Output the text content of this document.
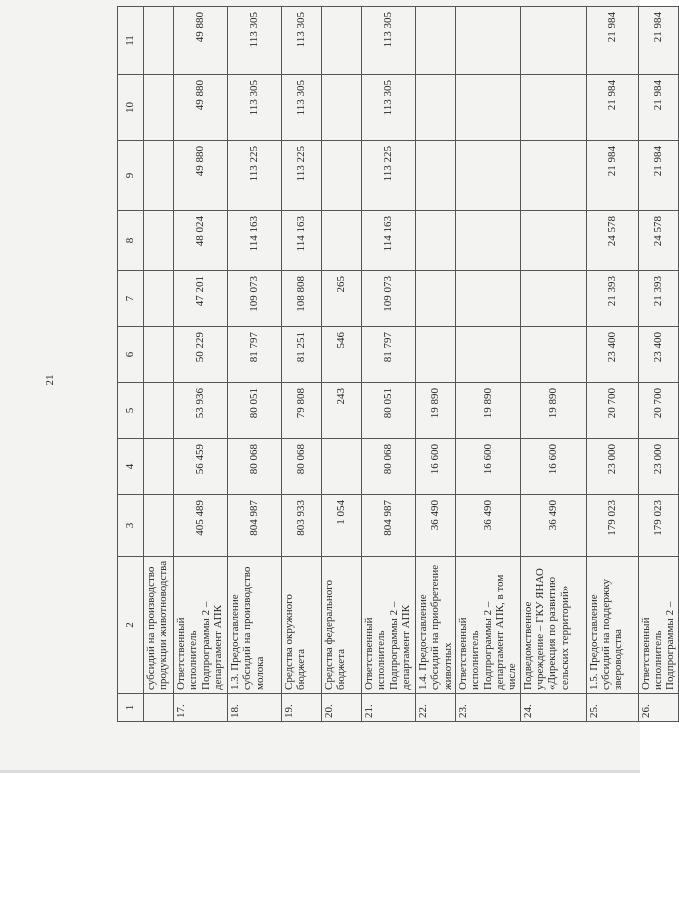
21
1	2	3	4	5	6	7	8	9	10	11
	субсидий на производство продукции животноводства									
17.	Ответственный исполнитель Подпрограммы 2 – департамент АПК	405 489	56 459	53 936	50 229	47 201	48 024	49 880	49 880	49 880
18.	1.3. Предоставление субсидий на производство молока	804 987	80 068	80 051	81 797	109 073	114 163	113 225	113 305	113 305
19.	Средства окружного бюджета	803 933	80 068	79 808	81 251	108 808	114 163	113 225	113 305	113 305
20.	Средства федерального бюджета	1 054		243	546	265				
21.	Ответственный исполнитель Подпрограммы 2 – департамент АПК	804 987	80 068	80 051	81 797	109 073	114 163	113 225	113 305	113 305
22.	1.4. Предоставление субсидий на приобретение животных	36 490	16 600	19 890						
23.	Ответственный исполнитель Подпрограммы 2 – департамент АПК, в том числе	36 490	16 600	19 890						
24.	Подведомственное учреждение – ГКУ ЯНАО «Дирекция по развитию сельских территорий»	36 490	16 600	19 890						
25.	1.5. Предоставление субсидий на поддержку звероводства	179 023	23 000	20 700	23 400	21 393	24 578	21 984	21 984	21 984
26.	Ответственный исполнитель Подпрограммы 2 –	179 023	23 000	20 700	23 400	21 393	24 578	21 984	21 984	21 984
